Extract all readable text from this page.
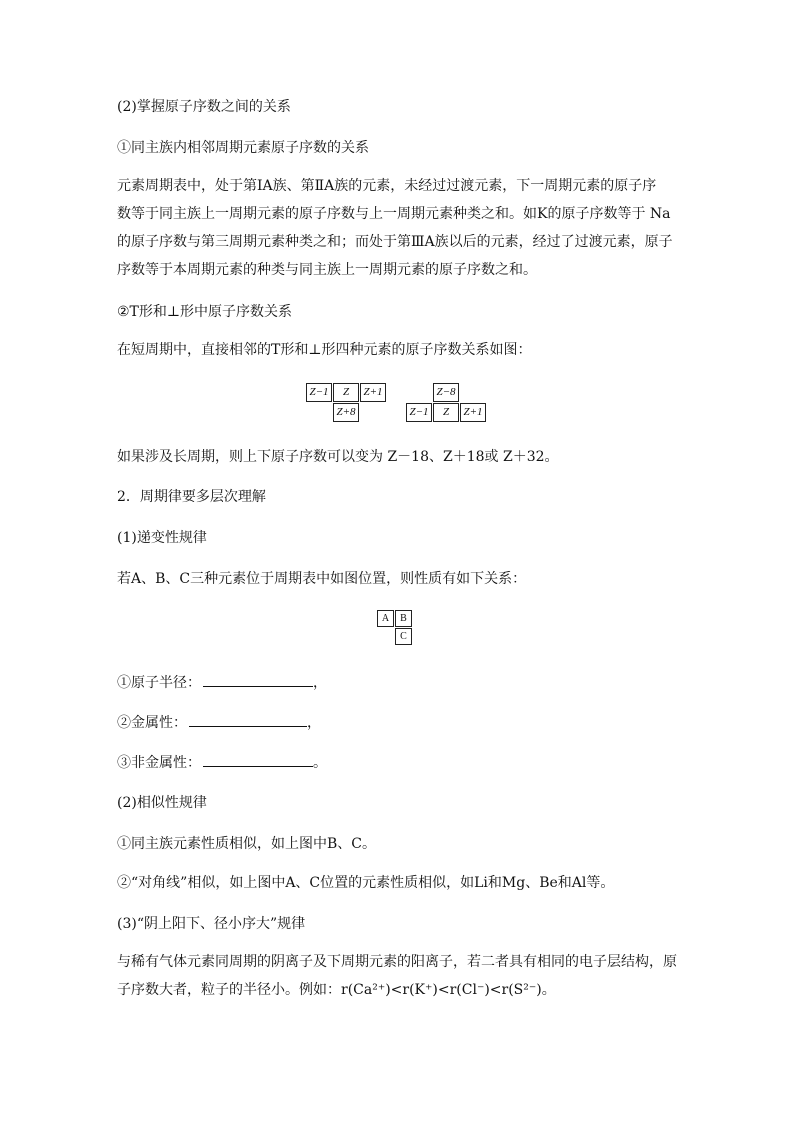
(2)掌握原子序数之间的关系
①同主族内相邻周期元素原子序数的关系
元素周期表中，处于第ⅠA族、第ⅡA族的元素，未经过过渡元素，下一周期元素的原子序
数等于同主族上一周期元素的原子序数与上一周期元素种类之和。如K的原子序数等于 Na
的原子序数与第三周期元素种类之和；而处于第ⅢA族以后的元素，经过了过渡元素，原子
序数等于本周期元素的种类与同主族上一周期元素的原子序数之和。
②T形和⊥形中原子序数关系
在短周期中，直接相邻的T形和⊥形四种元素的原子序数关系如图：
Z−1	Z	Z+1
Z+8
Z−8
Z−1	Z	Z+1
如果涉及长周期，则上下原子序数可以变为 Z－18、Z＋18或 Z＋32。
2．周期律要多层次理解
(1)递变性规律
若A、B、C三种元素位于周期表中如图位置，则性质有如下关系：
A	B
C
①原子半径：	，
②金属性：	，
③非金属性：	。
(2)相似性规律
①同主族元素性质相似，如上图中B、C。
②“对角线”相似，如上图中A、C位置的元素性质相似，如Li和Mg、Be和Al等。
(3)“阴上阳下、径小序大”规律
与稀有气体元素同周期的阴离子及下周期元素的阳离子，若二者具有相同的电子层结构，原
子序数大者，粒子的半径小。例如：r(Ca²⁺)<r(K⁺)<r(Cl⁻)<r(S²⁻)。
